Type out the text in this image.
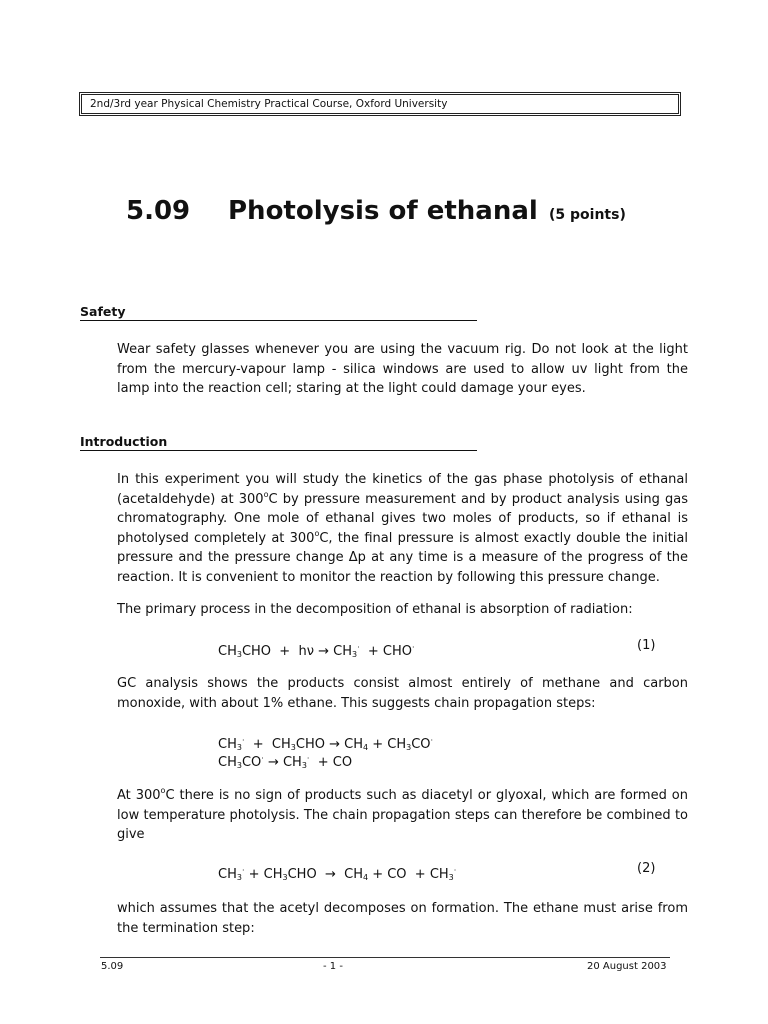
2nd/3rd year Physical Chemistry Practical Course, Oxford University
5.09 Photolysis of ethanal (5 points)
Safety
Wear safety glasses whenever you are using the vacuum rig. Do not look at the light from the mercury-vapour lamp - silica windows are used to allow uv light from the lamp into the reaction cell; staring at the light could damage your eyes.
Introduction
In this experiment you will study the kinetics of the gas phase photolysis of ethanal (acetaldehyde) at 300$^o$C by pressure measurement and by product analysis using gas chromatography. One mole of ethanal gives two moles of products, so if ethanal is photolysed completely at 300$^o$C, the final pressure is almost exactly double the initial pressure and the pressure change Δp at any time is a measure of the progress of the reaction. It is convenient to monitor the reaction by following this pressure change.
The primary process in the decomposition of ethanal is absorption of radiation:
$CH_3CHO + h\nu \to CH_3^\cdot + CHO^\cdot$	(1)
GC analysis shows the products consist almost entirely of methane and carbon monoxide, with about 1% ethane. This suggests chain propagation steps:
$CH_3^\cdot + CH_3CHO \to CH_4 + CH_3CO^\cdot$
$CH_3CO^\cdot \to CH_3^\cdot$  + CO
At 300$^o$C there is no sign of products such as diacetyl or glyoxal, which are formed on low temperature photolysis. The chain propagation steps can therefore be combined to give
$CH_3^\cdot + CH_3CHO \to CH_4$ + CO  + $CH_3^\cdot$	(2)
which assumes that the acetyl decomposes on formation. The ethane must arise from the termination step:
5.09	- 1 -	20 August 2003
